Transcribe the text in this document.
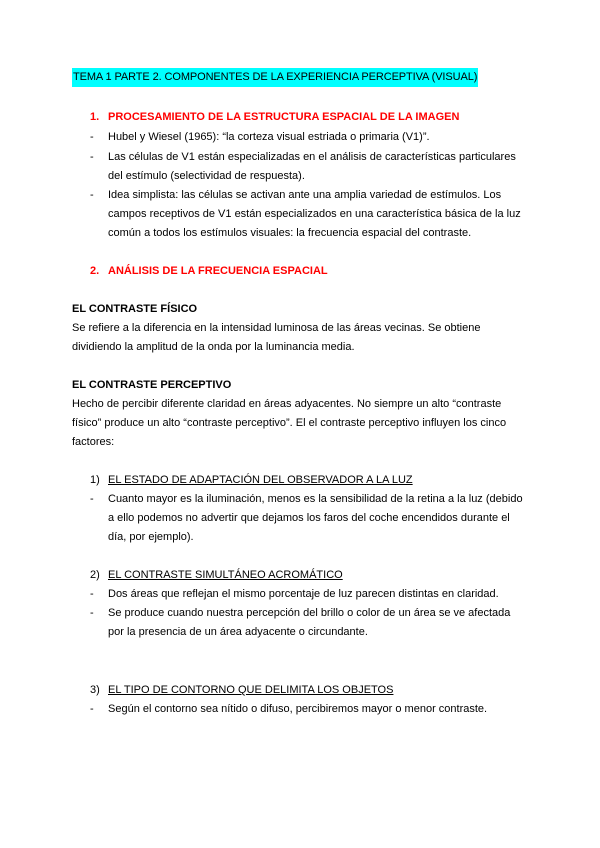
TEMA 1 PARTE 2. COMPONENTES DE LA EXPERIENCIA PERCEPTIVA (VISUAL)
1. PROCESAMIENTO DE LA ESTRUCTURA ESPACIAL DE LA IMAGEN
- Hubel y Wiesel (1965): “la corteza visual estriada o primaria (V1)”.
- Las células de V1 están especializadas en el análisis de características particulares
del estímulo (selectividad de respuesta).
- Idea simplista: las células se activan ante una amplia variedad de estímulos. Los
campos receptivos de V1 están especializados en una característica básica de la luz
común a todos los estímulos visuales: la frecuencia espacial del contraste.
2. ANÁLISIS DE LA FRECUENCIA ESPACIAL
EL CONTRASTE FÍSICO
Se refiere a la diferencia en la intensidad luminosa de las áreas vecinas. Se obtiene
dividiendo la amplitud de la onda por la luminancia media.
EL CONTRASTE PERCEPTIVO
Hecho de percibir diferente claridad en áreas adyacentes. No siempre un alto “contraste
físico” produce un alto “contraste perceptivo”. El el contraste perceptivo influyen los cinco
factores:
1) EL ESTADO DE ADAPTACIÓN DEL OBSERVADOR A LA LUZ
- Cuanto mayor es la iluminación, menos es la sensibilidad de la retina a la luz (debido
a ello podemos no advertir que dejamos los faros del coche encendidos durante el
día, por ejemplo).
2) EL CONTRASTE SIMULTÁNEO ACROMÁTICO
- Dos áreas que reflejan el mismo porcentaje de luz parecen distintas en claridad.
- Se produce cuando nuestra percepción del brillo o color de un área se ve afectada
por la presencia de un área adyacente o circundante.
3) EL TIPO DE CONTORNO QUE DELIMITA LOS OBJETOS
- Según el contorno sea nítido o difuso, percibiremos mayor o menor contraste.
